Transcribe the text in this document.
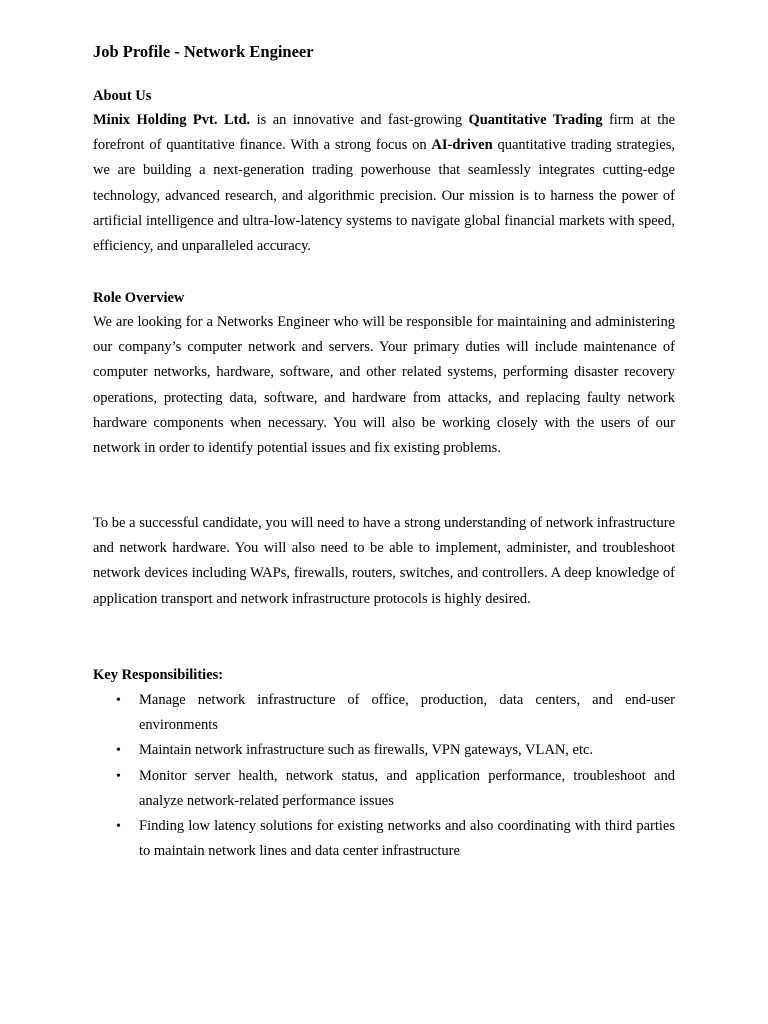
Job Profile - Network Engineer
About Us

Minix Holding Pvt. Ltd. is an innovative and fast-growing Quantitative Trading firm at the forefront of quantitative finance. With a strong focus on AI-driven quantitative trading strategies, we are building a next-generation trading powerhouse that seamlessly integrates cutting-edge technology, advanced research, and algorithmic precision. Our mission is to harness the power of artificial intelligence and ultra-low-latency systems to navigate global financial markets with speed, efficiency, and unparalleled accuracy.

Role Overview

We are looking for a Networks Engineer who will be responsible for maintaining and administering our company’s computer network and servers. Your primary duties will include maintenance of computer networks, hardware, software, and other related systems, performing disaster recovery operations, protecting data, software, and hardware from attacks, and replacing faulty network hardware components when necessary. You will also be working closely with the users of our network in order to identify potential issues and fix existing problems.

To be a successful candidate, you will need to have a strong understanding of network infrastructure and network hardware. You will also need to be able to implement, administer, and troubleshoot network devices including WAPs, firewalls, routers, switches, and controllers. A deep knowledge of application transport and network infrastructure protocols is highly desired.

Key Responsibilities:
• Manage network infrastructure of office, production, data centers, and end-user environments
• Maintain network infrastructure such as firewalls, VPN gateways, VLAN, etc.
• Monitor server health, network status, and application performance, troubleshoot and analyze network-related performance issues
• Finding low latency solutions for existing networks and also coordinating with third parties to maintain network lines and data center infrastructure
